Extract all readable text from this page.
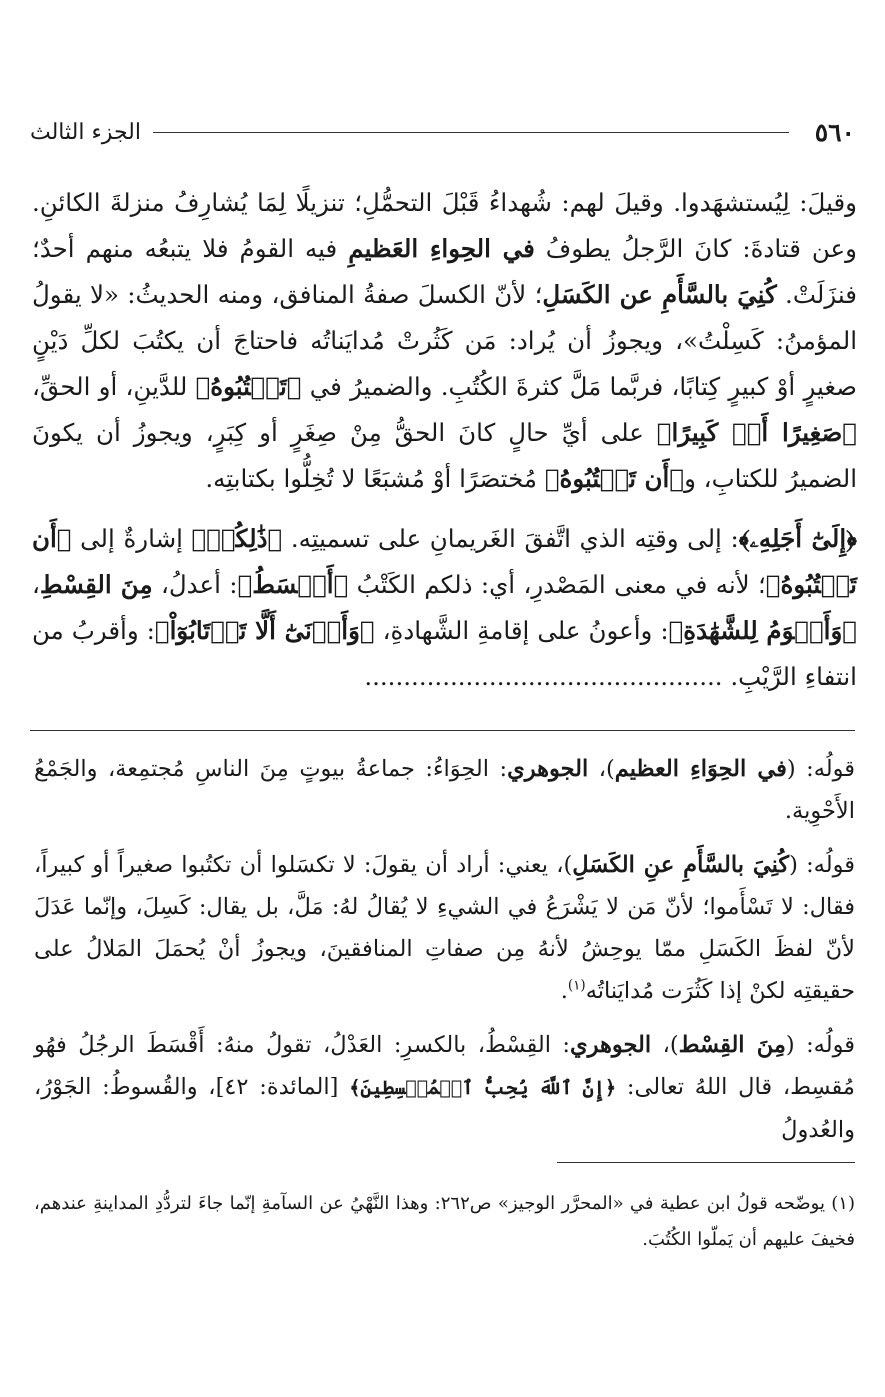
٥٦٠
الجزء الثالث

وقيلَ: لِيُستشهَدوا. وقيلَ لهم: شُهداءُ قَبْلَ التحمُّلِ؛ تنزيلًا لِمَا يُشارِفُ منزلةَ الكائنِ. وعن قتادةَ: كانَ الرَّجلُ يطوفُ في الحِواءِ العَظيمِ فيه القومُ فلا يتبعُه منهم أحدٌ؛ فنزَلَتْ. كُنِيَ بالسَّأَمِ عن الكَسَلِ؛ لأنّ الكسلَ صفةُ المنافق، ومنه الحديثُ: «لا يقولُ المؤمنُ: كَسِلْتُ»، ويجوزُ أن يُراد: مَن كَثُرتْ مُدايَناتُه فاحتاجَ أن يكتُبَ لكلِّ دَيْنٍ صغيرٍ أوْ كبيرٍ كِتابًا، فربَّما مَلَّ كثرةَ الكُتُبِ. والضميرُ في ﴿تَكۡتُبُوهُ﴾ للدَّينِ، أو الحقِّ، ﴿صَغِيرًا أَوۡ كَبِيرًا﴾ على أيِّ حالٍ كانَ الحقُّ مِنْ صِغَرٍ أو كِبَرٍ، ويجوزُ أن يكونَ الضميرُ للكتابِ، و﴿أَن تَكۡتُبُوهُ﴾ مُختصَرًا أوْ مُشبَعًا لا تُخِلُّوا بكتابتِه.

﴿إِلَىٰٓ أَجَلِهِۦ﴾: إلى وقتِه الذي اتَّفقَ الغَريمانِ على تسميتِه. ﴿ذَٰلِكُمۡ﴾ إشارةٌ إلى ﴿أَن تَكۡتُبُوهُ﴾؛ لأنه في معنى المَصْدرِ، أي: ذلكم الكَتْبُ ﴿أَقۡسَطُ﴾: أعدلُ، مِنَ القِسْطِ، ﴿وَأَقۡوَمُ لِلشَّهَٰدَةِ﴾: وأعونُ على إقامةِ الشَّهادةِ، ﴿وَأَدۡنَىٰٓ أَلَّا تَرۡتَابُوٓاْ﴾: وأقربُ من انتفاءِ الرَّيْبِ. ..............................................

قولُه: (في الحِوَاءِ العظيم)، الجوهري: الحِوَاءُ: جماعةُ بيوتٍ مِنَ الناسِ مُجتمِعة، والجَمْعُ الأَحْوِية.

قولُه: (كُنِيَ بالسَّأَمِ عنِ الكَسَلِ)، يعني: أراد أن يقولَ: لا تكسَلوا أن تكتُبوا صغيراً أو كبيراً، فقال: لا تَسْأَموا؛ لأنّ مَن لا يَشْرَعُ في الشيءِ لا يُقالُ لهُ: مَلَّ، بل يقال: كَسِلَ، وإنّما عَدَلَ لأنّ لفظَ الكَسَلِ ممّا يوحِشُ لأنهُ مِن صفاتِ المنافقينَ، ويجوزُ أنْ يُحمَلَ المَلالُ على حقيقتِه لكنْ إذا كَثُرَت مُدايَناتُه$^{(١)}$.

قولُه: (مِنَ القِسْط)، الجوهري: القِسْطُ، بالكسرِ: العَدْلُ، تقولُ منهُ: أَقْسَطَ الرجُلُ فهُو مُقسِط، قال اللهُ تعالى: ﴿إِنَّ ٱللَّهَ يُحِبُّ ٱلۡمُقۡسِطِينَ﴾ [المائدة: ٤٢]، والقُسوطُ: الجَوْرُ، والعُدولُ

(١) يوضّحه قولُ ابن عطية في «المحرَّر الوجيز» ص٢٦٢: وهذا النَّهْيُ عن السآمةِ إنّما جاءَ لتردُّدِ المداينةِ عندهم، فخيفَ عليهم أن يَملّوا الكُتُبَ.
